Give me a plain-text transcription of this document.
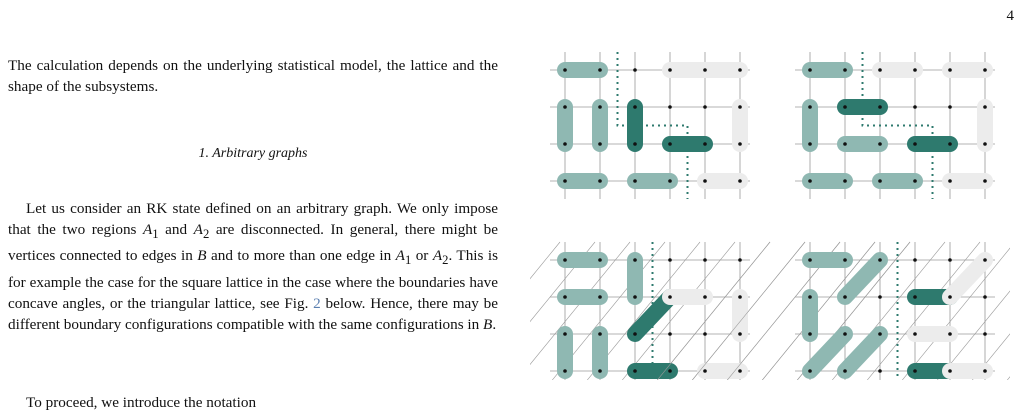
4
The calculation depends on the underlying statistical model, the lattice and the shape of the subsystems.
1. Arbitrary graphs
Let us consider an RK state defined on an arbitrary graph. We only impose that the two regions $A_1$ and $A_2$ are disconnected. In general, there might be vertices connected to edges in B and to more than one edge in $A_1$ or $A_2$. This is for example the case for the square lattice in the case where the boundaries have concave angles, or the triangular lattice, see Fig. 2 below. Hence, there may be different boundary configurations compatible with the same configurations in B.
To proceed, we introduce the notation
